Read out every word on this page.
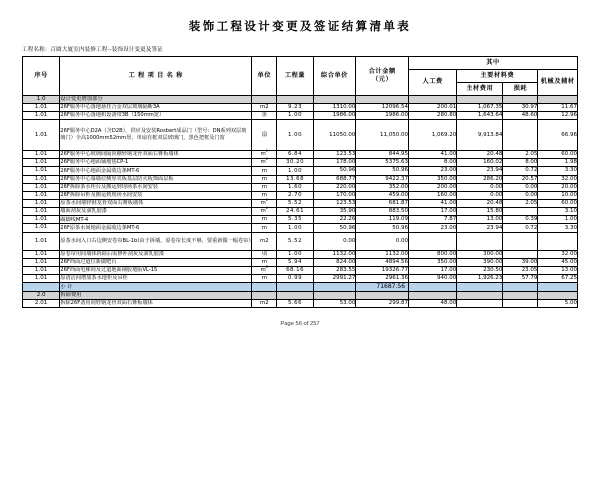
装饰工程设计变更及签证结算清单表
工程名称：百圆大厦室内装修工程--装饰设计变更及签证
序号	工 程 项 目 名 称	单位	工程量	综合单价	合计金额
（元）	其中			
						人工费	主要材料费		机械及辅材
							主材费用	损耗	
1.0	设计变更增加部分								
1.01	26F服务中心落地悬挂合金双层玻璃隔断3A	m2	9.23	1310.00	12096.54	200.01	1,067.35	30.97	11.67
1.01	26F服务中心落地积设备带3B（150mm宽）	条	1.00	1986.00	1986.00	280.80	1,643.64	48.60	12.96
1.01	26F服务中心D2A（含D2B）．供应及安装Rosbert成品门（型号：DN系列双层玻璃门）全高1000mm52mm厚，单扇有框双层玻璃门，黑色把框及门窗	扇	1.00	11050.00	11,050.00	1,069.20	9,913.84		66.96
1.01	26F服务中心玻璃间隔顶棚轻钢龙骨双面右膏板墙体	$m^2$	6.84	123.53	844.95	41.00	20.48	2.05	60.00
1.01	26F服务中心地面铺地毯CP-1	$m^2$	30.20	178.00	5375.63	8.00	160.02	8.00	1.98
1.01	26F服务中心地面金属收边条MT-6	m	1.00	50.96	50.96	23.00	23.94	0.72	3.30
1.01	26F服务中心幕墙位侧厚夹板基层防火板饰面层板	m	13.68	688.77	9422.37	350.00	286.20	20.57	32.00
1.01	26F拆除茶水柜台及搬运到现场茶水间安装	m	1.60	220.00	352.00	200.00	0.00	0.00	20.00
1.01	26F拆除吊柜及搬运到现场水间安装	m	2.70	170.00	459.00	160.00	0.00	0.00	10.00
1.01	原茶水间墙轻钢龙骨双面右膏板墙体	$m^2$	5.52	123.53	681.87	41.00	20.48	2.05	60.00
1.01	墙面刮灰及油乳胶漆	$m^2$	24.61	35.90	883.50	17.00	15.80		3.10
1.01	踢脚线MT-4	m	5.35	22.26	119.09	7.87	13.00	0.39	1.00
1.01	26F原茶水间地面金属收边条MT-6	m	1.00	50.96	50.96	23.00	23.94	0.72	3.30
1.01	原茶水间入口右边侧安卷帘BL-1b(由于拆墙，原卷帘长度不够，要重新做一幅卷帘）	m2	5.52	0.00	0.00				
1.01	原卷帘用间墙体拆除后需修补刮灰及油乳胶漆	项	1.00	1132.00	1132.00	800.00	300.00		32.00
1.01	26F西面过道位新做吧台	m	5.94	824.00	4894.56	350.00	390.00	39.00	45.00
1.01	26F西面电梯间及过道地面铺胶地版VL-15	$m^2$	68.16	283.55	19326.77	17.00	230.50	23.05	13.00
1.01	原清洁间增加茶水地柜及吊柜	m	0.99	2991.27	2961.36	940.00	1,926.23	57.79	67.25
	小 计				71687.56				
2.0	拆除费用								
2.01	拆除26F备用间轻钢龙骨双面石膏板墙体	m2	5.66	53.00	299.87	48.00			5.00
Page 56 of 257
